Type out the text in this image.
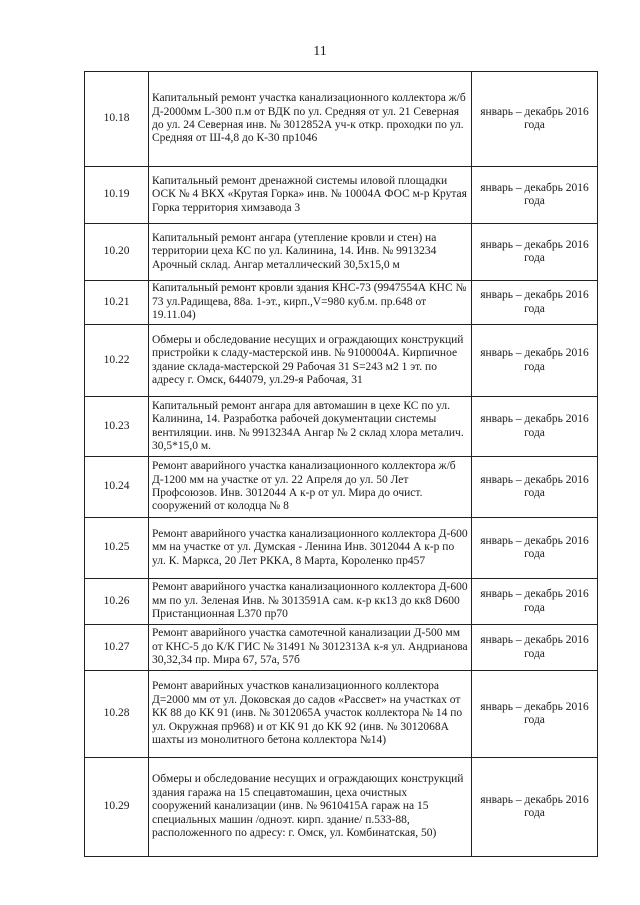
11
10.18	Капитальный ремонт участка канализационного коллектора ж/б Д-2000мм L-300 п.м от ВДК по ул. Средняя от ул. 21 Северная до ул. 24 Северная инв. № 3012852А уч-к откр. проходки по ул. Средняя от Ш-4,8 до К-30 пр1046	январь – декабрь 2016 года
10.19	Капитальный ремонт дренажной системы иловой площадки ОСК № 4 ВКХ «Крутая Горка» инв. № 10004А ФОС м-р Крутая Горка территория химзавода 3	январь – декабрь 2016 года
10.20	Капитальный ремонт ангара (утепление кровли и стен) на территории цеха КС по ул. Калинина, 14. Инв. № 9913234 Арочный склад. Ангар металлический 30,5х15,0 м	январь – декабрь 2016 года
10.21	Капитальный ремонт кровли здания КНС-73 (9947554А КНС № 73 ул.Радищева, 88а. 1-эт., кирп.,V=980 куб.м. пр.648 от 19.11.04)	январь – декабрь 2016 года
10.22	Обмеры и обследование несущих и ограждающих конструкций пристройки к сладу-мастерской инв. № 9100004А. Кирпичное здание склада-мастерской 29 Рабочая 31 S=243 м2 1 эт. по адресу г. Омск, 644079, ул.29-я Рабочая, 31	январь – декабрь 2016 года
10.23	Капитальный ремонт ангара для автомашин в цехе КС по ул. Калинина, 14. Разработка рабочей документации системы вентиляции. инв. № 9913234А Ангар № 2 склад хлора металич. 30,5*15,0 м.	январь – декабрь 2016 года
10.24	Ремонт аварийного участка канализационного коллектора ж/б Д-1200 мм на участке от ул. 22 Апреля до ул. 50 Лет Профсоюзов. Инв. 3012044 А к-р от ул. Мира до очист. сооружений от колодца № 8	январь – декабрь 2016 года
10.25	Ремонт аварийного участка канализационного коллектора Д-600 мм на участке от ул. Думская - Ленина Инв. 3012044 А к-р по ул. К. Маркса, 20 Лет РККА, 8 Марта, Короленко пр457	январь – декабрь 2016 года
10.26	Ремонт аварийного участка канализационного коллектора Д-600 мм по ул. Зеленая Инв. № 3013591А сам. к-р кк13 до кк8 D600 Пристанционная L370 пр70	январь – декабрь 2016 года
10.27	Ремонт аварийного участка самотечной канализации Д-500 мм от КНС-5 до К/К ГИС № 31491 № 3012313А к-я ул. Андрианова 30,32,34 пр. Мира 67, 57а, 57б	январь – декабрь 2016 года
10.28	Ремонт аварийных участков канализационного коллектора Д=2000 мм от ул. Доковская до садов «Рассвет» на участках от КК 88 до КК 91 (инв. № 3012065А участок коллектора № 14 по ул. Окружная пр968) и от КК 91 до КК 92 (инв. № 3012068А шахты из монолитного бетона коллектора №14)	январь – декабрь 2016 года
10.29	Обмеры и обследование несущих и ограждающих конструкций здания гаража на 15 спецавтомашин, цеха очистных сооружений канализации (инв. № 9610415А гараж на 15 специальных машин /одноэт. кирп. здание/ п.533-88, расположенного по адресу: г. Омск, ул. Комбинатская, 50)	январь – декабрь 2016 года
